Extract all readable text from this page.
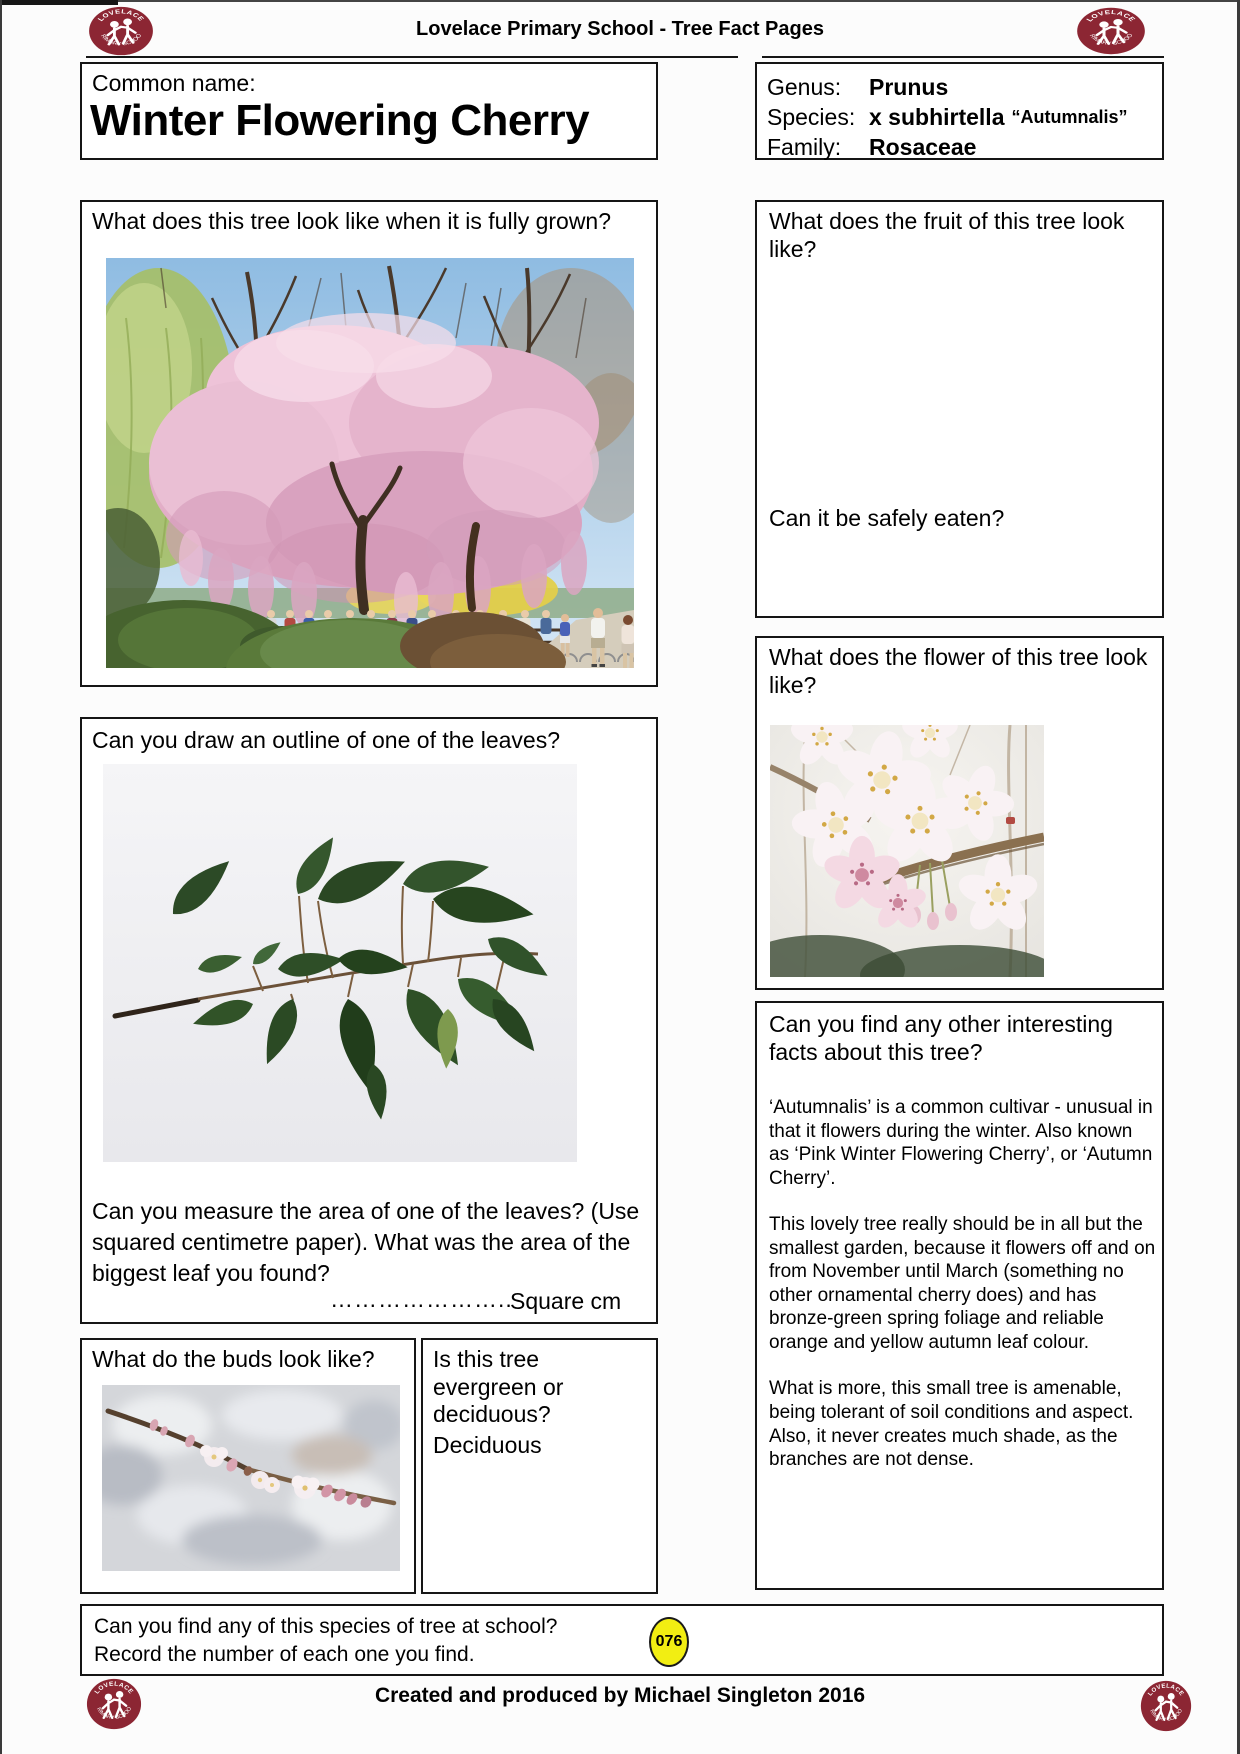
Lovelace Primary School - Tree Fact Pages
Common name:
Winter Flowering Cherry
Genus:	Prunus
Species: x subhirtella “Autumnalis”
Family:	Rosaceae
What does this tree look like when it is fully grown?	What does the fruit of this tree look like?
Can it be safely eaten?
What does the flower of this tree look like?
Can you find any other interesting facts about this tree?

‘Autumnalis’ is a common cultivar - unusual in that it flowers during the winter. Also known as ‘Pink Winter Flowering Cherry’, or ‘Autumn Cherry’.

This lovely tree really should be in all but the smallest garden, because it flowers off and on from November until March (something no other ornamental cherry does) and has bronze-green spring foliage and reliable orange and yellow autumn leaf colour.

What is more, this small tree is amenable, being tolerant of soil conditions and aspect. Also, it never creates much shade, as the branches are not dense.

Can you draw an outline of one of the leaves?
Can you measure the area of one of the leaves? (Use squared centimetre paper). What was the area of the biggest leaf you found?
…………………..
Square cm
What do the buds look like?	Is this tree evergreen or deciduous?
Deciduous
Can you find any of this species of tree at school?
Record the number of each one you find.
076
Created and produced by Michael Singleton 2016
